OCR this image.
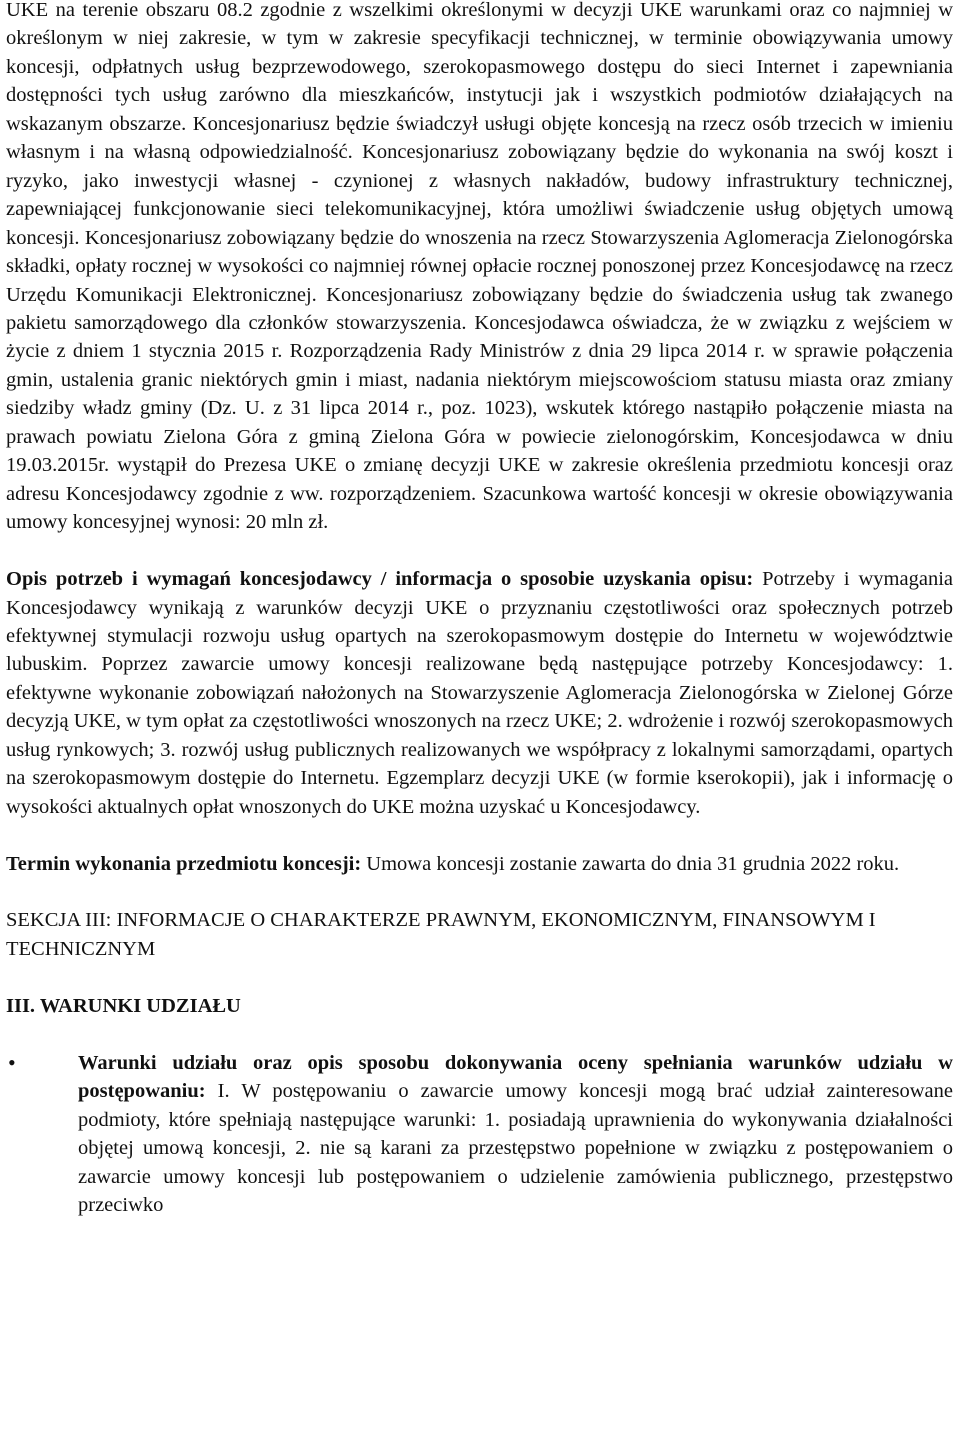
UKE na terenie obszaru 08.2 zgodnie z wszelkimi określonymi w decyzji UKE warunkami oraz co najmniej w określonym w niej zakresie, w tym w zakresie specyfikacji technicznej, w terminie obowiązywania umowy koncesji, odpłatnych usług bezprzewodowego, szerokopasmowego dostępu do sieci Internet i zapewniania dostępności tych usług zarówno dla mieszkańców, instytucji jak i wszystkich podmiotów działających na wskazanym obszarze. Koncesjonariusz będzie świadczył usługi objęte koncesją na rzecz osób trzecich w imieniu własnym i na własną odpowiedzialność. Koncesjonariusz zobowiązany będzie do wykonania na swój koszt i ryzyko, jako inwestycji własnej - czynionej z własnych nakładów, budowy infrastruktury technicznej, zapewniającej funkcjonowanie sieci telekomunikacyjnej, która umożliwi świadczenie usług objętych umową koncesji. Koncesjonariusz zobowiązany będzie do wnoszenia na rzecz Stowarzyszenia Aglomeracja Zielonogórska składki, opłaty rocznej w wysokości co najmniej równej opłacie rocznej ponoszonej przez Koncesjodawcę na rzecz Urzędu Komunikacji Elektronicznej. Koncesjonariusz zobowiązany będzie do świadczenia usług tak zwanego pakietu samorządowego dla członków stowarzyszenia. Koncesjodawca oświadcza, że w związku z wejściem w życie z dniem 1 stycznia 2015 r. Rozporządzenia Rady Ministrów z dnia 29 lipca 2014 r. w sprawie połączenia gmin, ustalenia granic niektórych gmin i miast, nadania niektórym miejscowościom statusu miasta oraz zmiany siedziby władz gminy (Dz. U. z 31 lipca 2014 r., poz. 1023), wskutek którego nastąpiło połączenie miasta na prawach powiatu Zielona Góra z gminą Zielona Góra w powiecie zielonogórskim, Koncesjodawca w dniu 19.03.2015r. wystąpił do Prezesa UKE o zmianę decyzji UKE w zakresie określenia przedmiotu koncesji oraz adresu Koncesjodawcy zgodnie z ww. rozporządzeniem. Szacunkowa wartość koncesji w okresie obowiązywania umowy koncesyjnej wynosi: 20 mln zł.

Opis potrzeb i wymagań koncesjodawcy / informacja o sposobie uzyskania opisu: Potrzeby i wymagania Koncesjodawcy wynikają z warunków decyzji UKE o przyznaniu częstotliwości oraz społecznych potrzeb efektywnej stymulacji rozwoju usług opartych na szerokopasmowym dostępie do Internetu w województwie lubuskim. Poprzez zawarcie umowy koncesji realizowane będą następujące potrzeby Koncesjodawcy: 1. efektywne wykonanie zobowiązań nałożonych na Stowarzyszenie Aglomeracja Zielonogórska w Zielonej Górze decyzją UKE, w tym opłat za częstotliwości wnoszonych na rzecz UKE; 2. wdrożenie i rozwój szerokopasmowych usług rynkowych; 3. rozwój usług publicznych realizowanych we współpracy z lokalnymi samorządami, opartych na szerokopasmowym dostępie do Internetu. Egzemplarz decyzji UKE (w formie kserokopii), jak i informację o wysokości aktualnych opłat wnoszonych do UKE można uzyskać u Koncesjodawcy.

Termin wykonania przedmiotu koncesji: Umowa koncesji zostanie zawarta do dnia 31 grudnia 2022 roku.

SEKCJA III: INFORMACJE O CHARAKTERZE PRAWNYM, EKONOMICZNYM, FINANSOWYM I TECHNICZNYM

III. WARUNKI UDZIAŁU

•	Warunki udziału oraz opis sposobu dokonywania oceny spełniania warunków udziału w postępowaniu: I. W postępowaniu o zawarcie umowy koncesji mogą brać udział zainteresowane podmioty, które spełniają następujące warunki: 1. posiadają uprawnienia do wykonywania działalności objętej umową koncesji, 2. nie są karani za przestępstwo popełnione w związku z postępowaniem o zawarcie umowy koncesji lub postępowaniem o udzielenie zamówienia publicznego, przestępstwo przeciwko
